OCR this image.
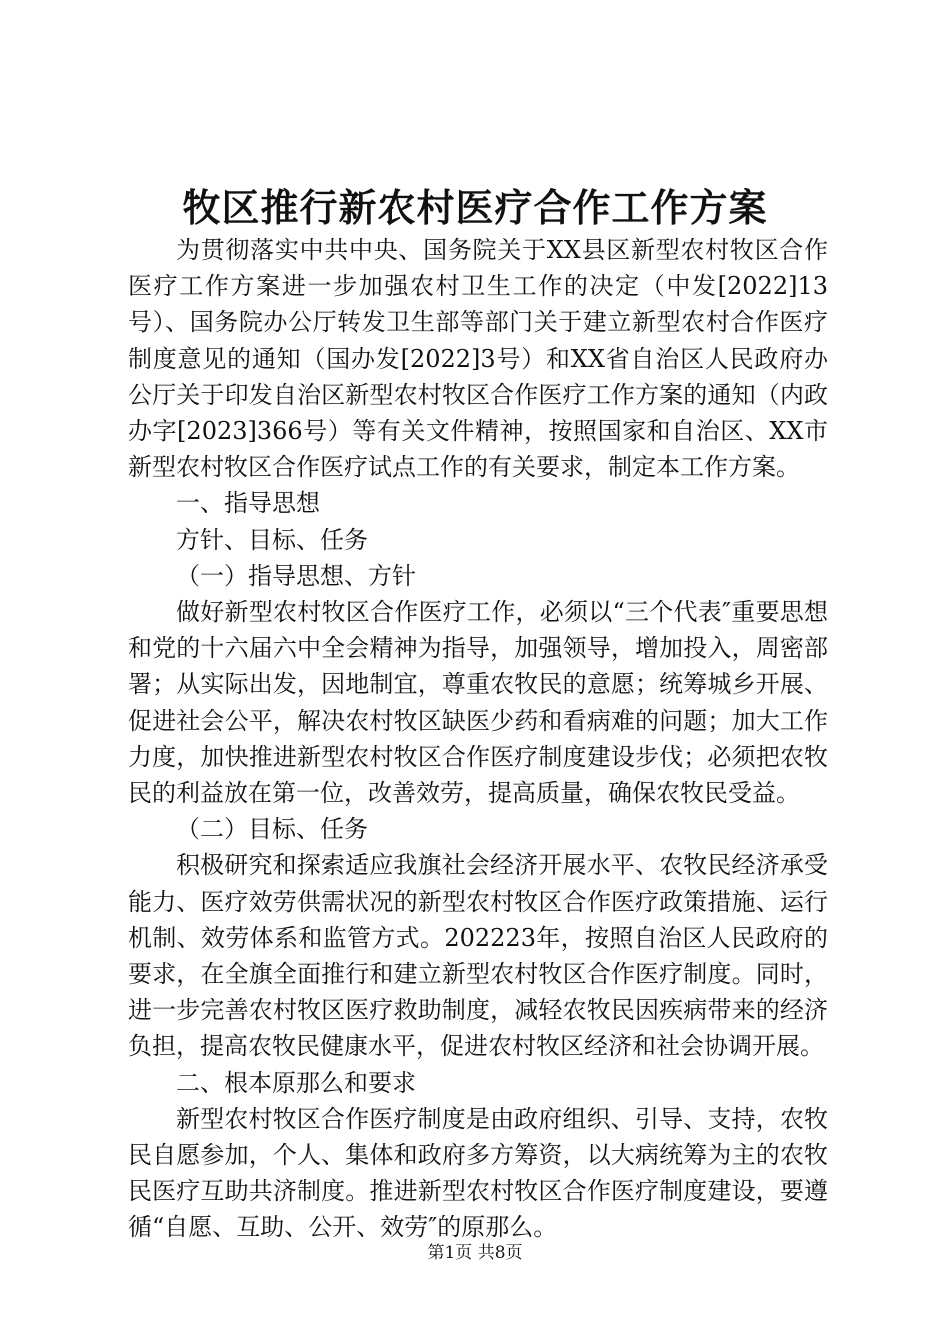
牧区推行新农村医疗合作工作方案

为贯彻落实中共中央、国务院关于XX县区新型农村牧区合作医疗工作方案进一步加强农村卫生工作的决定（中发[2022]13号）、国务院办公厅转发卫生部等部门关于建立新型农村合作医疗制度意见的通知（国办发[2022]3号）和XX省自治区人民政府办公厅关于印发自治区新型农村牧区合作医疗工作方案的通知（内政办字[2023]366号）等有关文件精神，按照国家和自治区、XX市新型农村牧区合作医疗试点工作的有关要求，制定本工作方案。

一、指导思想

方针、目标、任务

（一）指导思想、方针

做好新型农村牧区合作医疗工作，必须以“三个代表″重要思想和党的十六届六中全会精神为指导，加强领导，增加投入，周密部署；从实际出发，因地制宜，尊重农牧民的意愿；统筹城乡开展、促进社会公平，解决农村牧区缺医少药和看病难的问题；加大工作力度，加快推进新型农村牧区合作医疗制度建设步伐；必须把农牧民的利益放在第一位，改善效劳，提高质量，确保农牧民受益。

（二）目标、任务

积极研究和探索适应我旗社会经济开展水平、农牧民经济承受能力、医疗效劳供需状况的新型农村牧区合作医疗政策措施、运行机制、效劳体系和监管方式。202223年，按照自治区人民政府的要求，在全旗全面推行和建立新型农村牧区合作医疗制度。同时，进一步完善农村牧区医疗救助制度，减轻农牧民因疾病带来的经济负担，提高农牧民健康水平，促进农村牧区经济和社会协调开展。

二、根本原那么和要求

新型农村牧区合作医疗制度是由政府组织、引导、支持，农牧民自愿参加，个人、集体和政府多方筹资，以大病统筹为主的农牧民医疗互助共济制度。推进新型农村牧区合作医疗制度建设，要遵循“自愿、互助、公开、效劳″的原那么。

第1页 共8页
